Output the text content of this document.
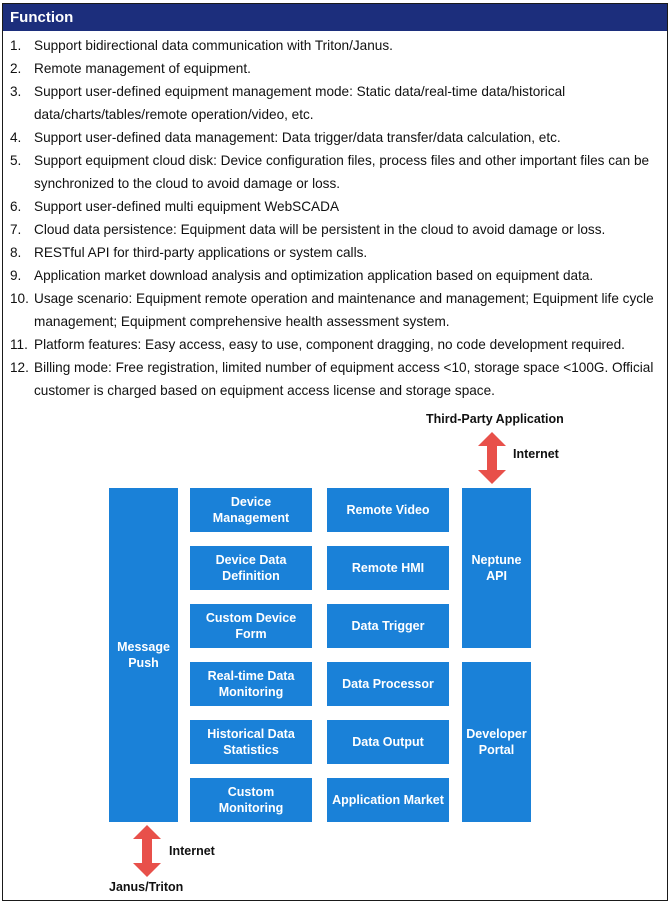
Function
1. Support bidirectional data communication with Triton/Janus.
2. Remote management of equipment.
3. Support user-defined equipment management mode: Static data/real-time data/historical data/charts/tables/remote operation/video, etc.
4. Support user-defined data management: Data trigger/data transfer/data calculation, etc.
5. Support equipment cloud disk: Device configuration files, process files and other important files can be synchronized to the cloud to avoid damage or loss.
6. Support user-defined multi equipment WebSCADA
7. Cloud data persistence: Equipment data will be persistent in the cloud to avoid damage or loss.
8. RESTful API for third-party applications or system calls.
9. Application market download analysis and optimization application based on equipment data.
10. Usage scenario: Equipment remote operation and maintenance and management; Equipment life cycle management; Equipment comprehensive health assessment system.
11. Platform features: Easy access, easy to use, component dragging, no code development required.
12. Billing mode: Free registration, limited number of equipment access <10, storage space <100G. Official customer is charged based on equipment access license and storage space.
Third-Party Application
Internet
Message Push
Device Management
Device Data Definition
Custom Device Form
Real-time Data Monitoring
Historical Data Statistics
Custom Monitoring
Remote Video
Remote HMI
Data Trigger
Data Processor
Data Output
Application Market
Neptune API
Developer Portal
Internet
Janus/Triton
